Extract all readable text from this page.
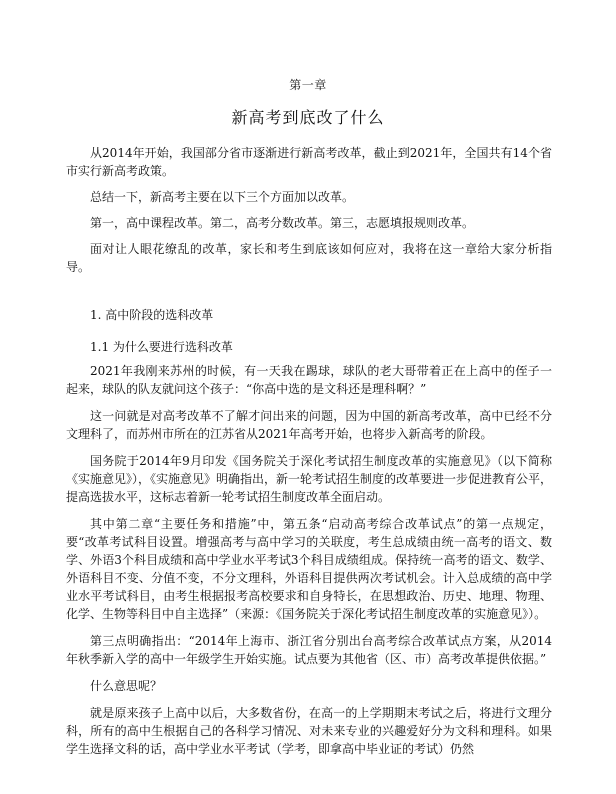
第一章
新高考到底改了什么

从2014年开始，我国部分省市逐渐进行新高考改革，截止到2021年，全国共有14个省市实行新高考政策。

总结一下，新高考主要在以下三个方面加以改革。

第一，高中课程改革。第二，高考分数改革。第三，志愿填报规则改革。

面对让人眼花缭乱的改革，家长和考生到底该如何应对，我将在这一章给大家分析指导。

1. 高中阶段的选科改革
1.1 为什么要进行选科改革

2021年我刚来苏州的时候，有一天我在踢球，球队的老大哥带着正在上高中的侄子一起来，球队的队友就问这个孩子：“你高中选的是文科还是理科啊？”

这一问就是对高考改革不了解才问出来的问题，因为中国的新高考改革，高中已经不分文理科了，而苏州市所在的江苏省从2021年高考开始，也将步入新高考的阶段。

国务院于2014年9月印发《国务院关于深化考试招生制度改革的实施意见》（以下简称《实施意见》），《实施意见》明确指出，新一轮考试招生制度的改革要进一步促进教育公平，提高选拔水平，这标志着新一轮考试招生制度改革全面启动。

其中第二章“主要任务和措施”中，第五条“启动高考综合改革试点”的第一点规定，要“改革考试科目设置。增强高考与高中学习的关联度，考生总成绩由统一高考的语文、数学、外语3个科目成绩和高中学业水平考试3个科目成绩组成。保持统一高考的语文、数学、外语科目不变、分值不变，不分文理科，外语科目提供两次考试机会。计入总成绩的高中学业水平考试科目，由考生根据报考高校要求和自身特长，在思想政治、历史、地理、物理、化学、生物等科目中自主选择”（来源：《国务院关于深化考试招生制度改革的实施意见》）。

第三点明确指出：“2014年上海市、浙江省分别出台高考综合改革试点方案，从2014年秋季新入学的高中一年级学生开始实施。试点要为其他省（区、市）高考改革提供依据。”

什么意思呢？

就是原来孩子上高中以后，大多数省份，在高一的上学期期末考试之后，将进行文理分科，所有的高中生根据自己的各科学习情况、对未来专业的兴趣爱好分为文科和理科。如果学生选择文科的话，高中学业水平考试（学考，即拿高中毕业证的考试）仍然
